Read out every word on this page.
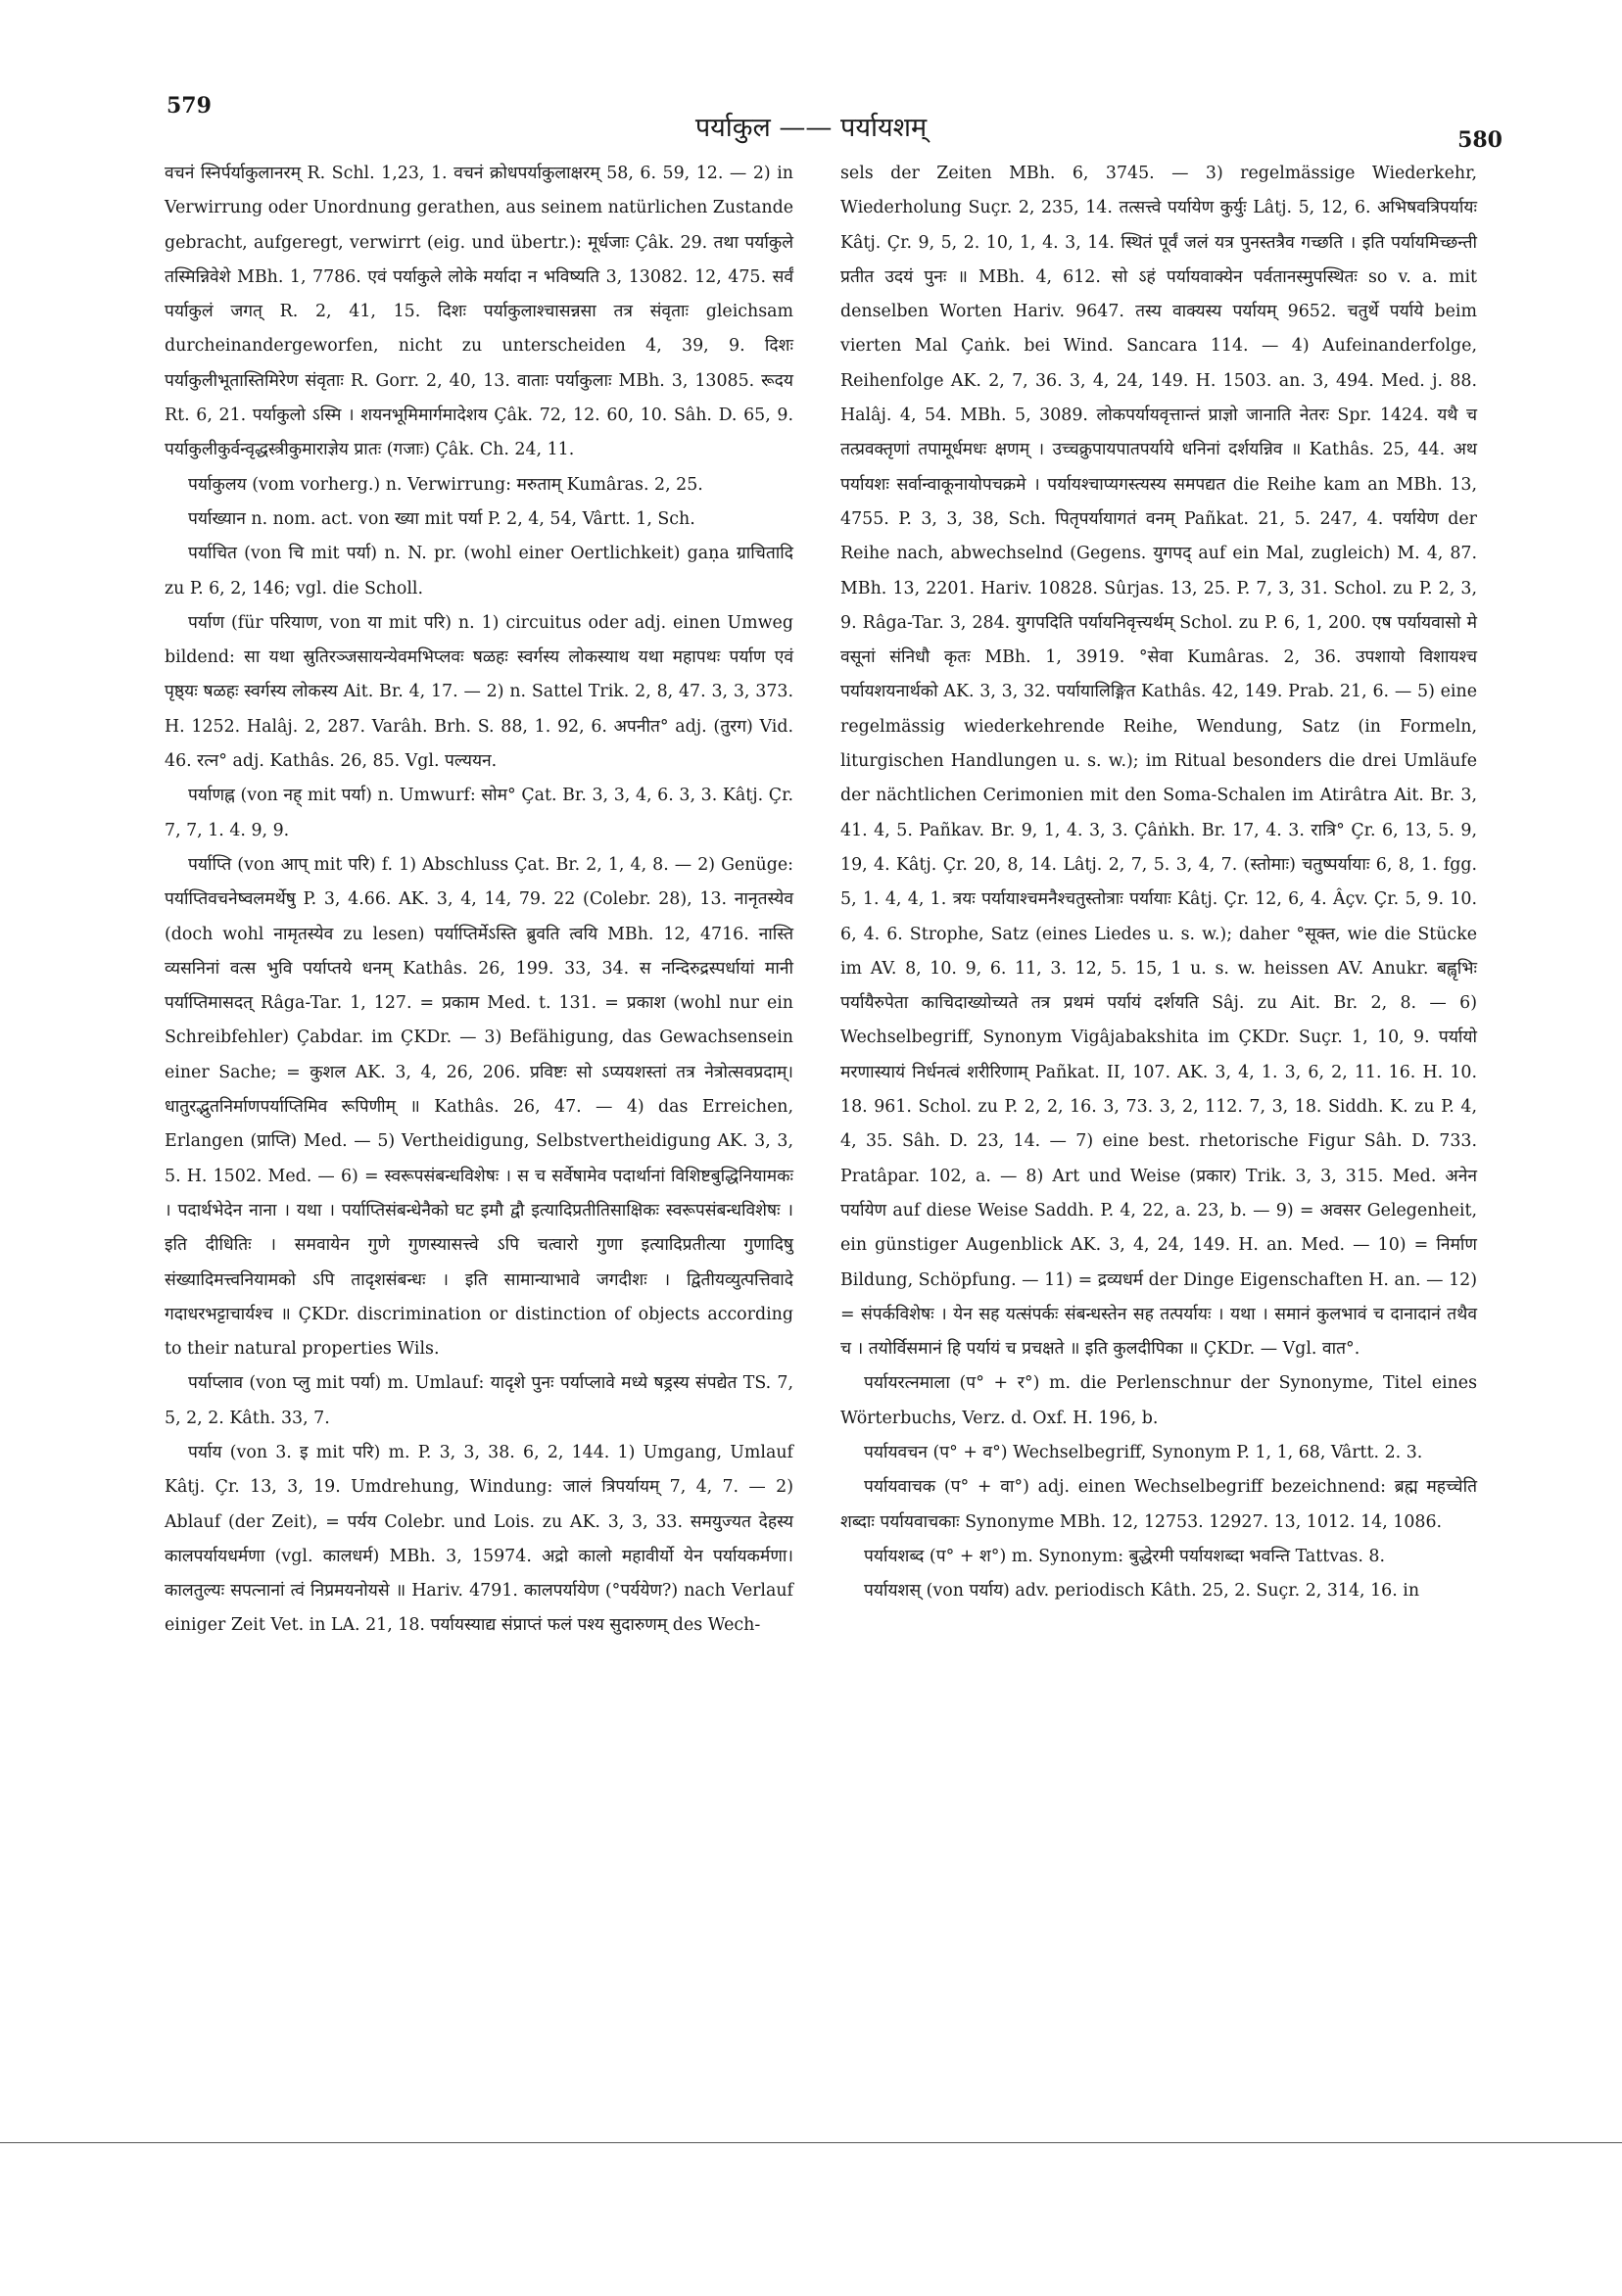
579
पर्याकुल —— पर्यायशम्	580

वचनं स्निर्पर्याकुलानरम् R. Schl. 1,23, 1. वचनं क्रोधपर्याकुलाक्षरम् 58, 6. 59, 12. — 2) in Verwirrung oder Unordnung gerathen, aus seinem natürlichen Zustande gebracht, aufgeregt, verwirrt (eig. und übertr.): मूर्धजाः Çâk. 29. तथा पर्याकुले तस्मिन्निवेशे MBh. 1, 7786. एवं पर्याकुले लोके मर्यादा न भविष्यति 3, 13082. 12, 475. सर्वं पर्याकुलं जगत् R. 2, 41, 15. दिशः पर्याकुलाश्चासन्नसा तत्र संवृताः gleichsam durcheinandergeworfen, nicht zu unterscheiden 4, 39, 9. दिशः पर्याकुलीभूतास्तिमिरेण संवृताः R. Gorr. 2, 40, 13. वाताः पर्याकुलाः MBh. 3, 13085. रूदय Rt. 6, 21. पर्याकुलो ऽस्मि । शयनभूमिमार्गमादेशय Çâk. 72, 12. 60, 10. Sâh. D. 65, 9. पर्याकुलीकुर्वन्वृद्धस्त्रीकुमाराज्ञेय प्रातः (गजाः) Çâk. Ch. 24, 11.

पर्याकुलय (vom vorherg.) n. Verwirrung: मरुताम् Kumâras. 2, 25.

पर्याख्यान n. nom. act. von ख्या mit पर्या P. 2, 4, 54, Vârtt. 1, Sch.

पर्याचित (von चि mit पर्या) n. N. pr. (wohl einer Oertlichkeit) gaṇa ग्राचितादि zu P. 6, 2, 146; vgl. die Scholl.

पर्याण (für परियाण, von या mit परि) n. 1) circuitus oder adj. einen Umweg bildend: सा यथा स्रुतिरञ्जसायन्येवमभिप्लवः षळहः स्वर्गस्य लोकस्याथ यथा महापथः पर्याण एवं पृष्ठ्यः षळहः स्वर्गस्य लोकस्य Ait. Br. 4, 17. — 2) n. Sattel Trik. 2, 8, 47. 3, 3, 373. H. 1252. Halâj. 2, 287. Varâh. Brh. S. 88, 1. 92, 6. अपनीत° adj. (तुरग) Vid. 46. रत्न° adj. Kathâs. 26, 85. Vgl. पल्ययन.

पर्याणह्न (von नह् mit पर्या) n. Umwurf: सोम° Çat. Br. 3, 3, 4, 6. 3, 3. Kâtj. Çr. 7, 7, 1. 4. 9, 9.

पर्याप्ति (von आप् mit परि) f. 1) Abschluss Çat. Br. 2, 1, 4, 8. — 2) Genüge: पर्याप्तिवचनेष्वलमर्थेषु P. 3, 4.66. AK. 3, 4, 14, 79. 22 (Colebr. 28), 13. नानृतस्येव (doch wohl नामृतस्येव zu lesen) पर्याप्तिर्मेऽस्ति ब्रुवति त्वयि MBh. 12, 4716. नास्ति व्यसनिनां वत्स भुवि पर्याप्तये धनम् Kathâs. 26, 199. 33, 34. स नन्दिरुद्रस्पर्धायां मानी पर्याप्तिमासदत् Râga-Tar. 1, 127. = प्रकाम Med. t. 131. = प्रकाश (wohl nur ein Schreibfehler) Çabdar. im ÇKDr. — 3) Befähigung, das Gewachsensein einer Sache; = कुशल AK. 3, 4, 26, 206. प्रविष्टः सो ऽप्ययशस्तां तत्र नेत्रोत्सवप्रदाम्। धातुरद्भुतनिर्माणपर्याप्तिमिव रूपिणीम् ॥ Kathâs. 26, 47. — 4) das Erreichen, Erlangen (प्राप्ति) Med. — 5) Vertheidigung, Selbstvertheidigung AK. 3, 3, 5. H. 1502. Med. — 6) = स्वरूपसंबन्धविशेषः । स च सर्वेषामेव पदार्थानां विशिष्टबुद्धिनियामकः । पदार्थभेदेन नाना । यथा । पर्याप्तिसंबन्धेनैको घट इमौ द्वौ इत्यादिप्रतीतिसाक्षिकः स्वरूपसंबन्धविशेषः । इति दीधितिः । समवायेन गुणे गुणस्यासत्त्वे ऽपि चत्वारो गुणा इत्यादिप्रतीत्या गुणादिषु संख्यादिमत्त्वनियामको ऽपि तादृशसंबन्धः । इति सामान्याभावे जगदीशः । द्वितीयव्युत्पत्तिवादे गदाधरभट्टाचार्यश्च ॥ ÇKDr. discrimination or distinction of objects according to their natural properties Wils.

पर्याप्लाव (von प्लु mit पर्या) m. Umlauf: यादृशे पुनः पर्याप्लावे मध्ये षड्रस्य संपद्येत TS. 7, 5, 2, 2. Kâth. 33, 7.

पर्याय (von 3. इ mit परि) m. P. 3, 3, 38. 6, 2, 144. 1) Umgang, Umlauf Kâtj. Çr. 13, 3, 19. Umdrehung, Windung: जालं त्रिपर्यायम् 7, 4, 7. — 2) Ablauf (der Zeit), = पर्यय Colebr. und Lois. zu AK. 3, 3, 33. समयुज्यत देहस्य कालपर्यायधर्मणा (vgl. कालधर्म) MBh. 3, 15974. अद्रो कालो महावीर्यो येन पर्यायकर्मणा। कालतुल्यः सपत्नानां त्वं निप्रमयनोयसे ॥ Hariv. 4791. कालपर्यायेण (°पर्ययेण?) nach Verlauf einiger Zeit Vet. in LA. 21, 18. पर्यायस्याद्य संप्राप्तं फलं पश्य सुदारुणम् des Wech-

sels der Zeiten MBh. 6, 3745. — 3) regelmässige Wiederkehr, Wiederholung Suçr. 2, 235, 14. तत्सत्त्वे पर्यायेण कुर्युः Lâtj. 5, 12, 6. अभिषवत्रिपर्यायः Kâtj. Çr. 9, 5, 2. 10, 1, 4. 3, 14. स्थितं पूर्वं जलं यत्र पुनस्तत्रैव गच्छति । इति पर्यायमिच्छन्ती प्रतीत उदयं पुनः ॥ MBh. 4, 612. सो ऽहं पर्यायवाक्येन पर्वतानस्मुपस्थितः so v. a. mit denselben Worten Hariv. 9647. तस्य वाक्यस्य पर्यायम् 9652. चतुर्थे पर्याये beim vierten Mal Çaṅk. bei Wind. Sancara 114. — 4) Aufeinanderfolge, Reihenfolge AK. 2, 7, 36. 3, 4, 24, 149. H. 1503. an. 3, 494. Med. j. 88. Halâj. 4, 54. MBh. 5, 3089. लोकपर्यायवृत्तान्तं प्राज्ञो जानाति नेतरः Spr. 1424. यथै च तत्प्रवक्तृणां तपामूर्धमधः क्षणम् । उच्चक्रुपायपातपर्याये धनिनां दर्शयन्निव ॥ Kathâs. 25, 44. अथ पर्यायशः सर्वान्वाकूनायोपचक्रमे । पर्यायश्चाप्यगस्त्यस्य समपद्यत die Reihe kam an MBh. 13, 4755. P. 3, 3, 38, Sch. पितृपर्यायागतं वनम् Pañkat. 21, 5. 247, 4. पर्यायेण der Reihe nach, abwechselnd (Gegens. युगपद् auf ein Mal, zugleich) M. 4, 87. MBh. 13, 2201. Hariv. 10828. Sûrjas. 13, 25. P. 7, 3, 31. Schol. zu P. 2, 3, 9. Râga-Tar. 3, 284. युगपदिति पर्यायनिवृत्त्यर्थम् Schol. zu P. 6, 1, 200. एष पर्यायवासो मे वसूनां संनिधौ कृतः MBh. 1, 3919. °सेवा Kumâras. 2, 36. उपशायो विशायश्च पर्यायशयनार्थको AK. 3, 3, 32. पर्यायालिङ्गित Kathâs. 42, 149. Prab. 21, 6. — 5) eine regelmässig wiederkehrende Reihe, Wendung, Satz (in Formeln, liturgischen Handlungen u. s. w.); im Ritual besonders die drei Umläufe der nächtlichen Cerimonien mit den Soma-Schalen im Atirâtra Ait. Br. 3, 41. 4, 5. Pañkav. Br. 9, 1, 4. 3, 3. Çâṅkh. Br. 17, 4. 3. रात्रि° Çr. 6, 13, 5. 9, 19, 4. Kâtj. Çr. 20, 8, 14. Lâtj. 2, 7, 5. 3, 4, 7. (स्तोमाः) चतुष्पर्यायाः 6, 8, 1. fgg. 5, 1. 4, 4, 1. त्रयः पर्यायाश्चमनैश्चतुस्तोत्राः पर्यायाः Kâtj. Çr. 12, 6, 4. Âçv. Çr. 5, 9. 10. 6, 4. 6. Strophe, Satz (eines Liedes u. s. w.); daher °सूक्त, wie die Stücke im AV. 8, 10. 9, 6. 11, 3. 12, 5. 15, 1 u. s. w. heissen AV. Anukr. बह्वृभिः पर्यायैरुपेता काचिदाख्योच्यते तत्र प्रथमं पर्यायं दर्शयति Sâj. zu Ait. Br. 2, 8. — 6) Wechselbegriff, Synonym Vigâjabakshita im ÇKDr. Suçr. 1, 10, 9. पर्यायो मरणास्यायं निर्धनत्वं शरीरिणाम् Pañkat. II, 107. AK. 3, 4, 1. 3, 6, 2, 11. 16. H. 10. 18. 961. Schol. zu P. 2, 2, 16. 3, 73. 3, 2, 112. 7, 3, 18. Siddh. K. zu P. 4, 4, 35. Sâh. D. 23, 14. — 7) eine best. rhetorische Figur Sâh. D. 733. Pratâpar. 102, a. — 8) Art und Weise (प्रकार) Trik. 3, 3, 315. Med. अनेन पर्यायेण auf diese Weise Saddh. P. 4, 22, a. 23, b. — 9) = अवसर Gelegenheit, ein günstiger Augenblick AK. 3, 4, 24, 149. H. an. Med. — 10) = निर्माण Bildung, Schöpfung. — 11) = द्रव्यधर्म der Dinge Eigenschaften H. an. — 12) = संपर्कविशेषः । येन सह यत्संपर्कः संबन्धस्तेन सह तत्पर्यायः । यथा । समानं कुलभावं च दानादानं तथैव च । तयोर्विसमानं हि पर्यायं च प्रचक्षते ॥ इति कुलदीपिका ॥ ÇKDr. — Vgl. वात°.

पर्यायरत्नमाला (प° + र°) m. die Perlenschnur der Synonyme, Titel eines Wörterbuchs, Verz. d. Oxf. H. 196, b.

पर्यायवचन (प° + व°) Wechselbegriff, Synonym P. 1, 1, 68, Vârtt. 2. 3.

पर्यायवाचक (प° + वा°) adj. einen Wechselbegriff bezeichnend: ब्रह्म महच्चेति शब्दाः पर्यायवाचकाः Synonyme MBh. 12, 12753. 12927. 13, 1012. 14, 1086.

पर्यायशब्द (प° + श°) m. Synonym: बुद्धेरमी पर्यायशब्दा भवन्ति Tattvas. 8.

पर्यायशस् (von पर्याय) adv. periodisch Kâth. 25, 2. Suçr. 2, 314, 16. in
